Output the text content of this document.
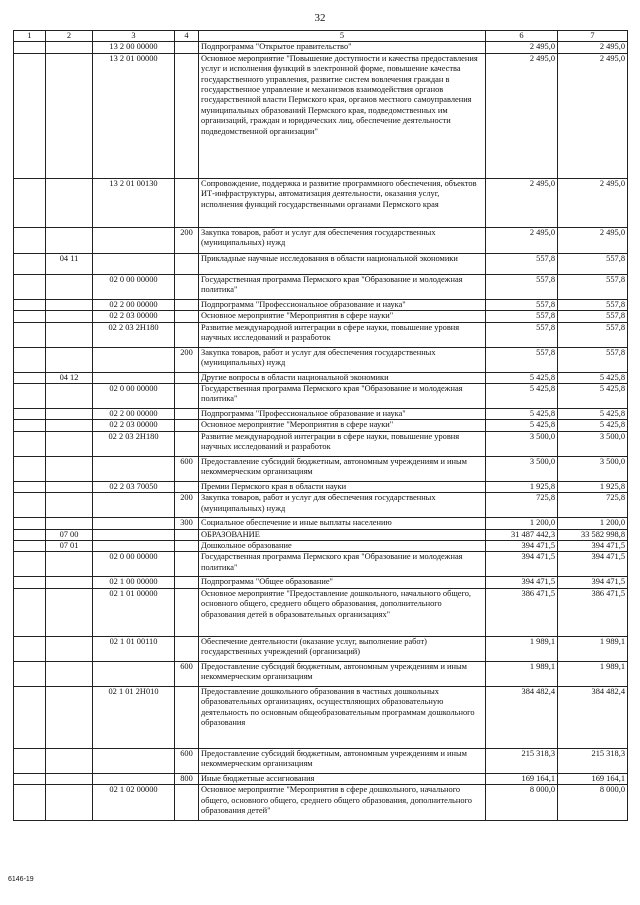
32
1	2	3	4	5	6	7
		13 2 00 00000		Подпрограмма "Открытое правительство"	2 495,0	2 495,0
		13 2 01 00000		Основное мероприятие "Повышение доступности и качества предоставления услуг и исполнения функций в электронной форме, повышение качества государственного управления, развитие систем вовлечения граждан в государственное управление и механизмов взаимодействия органов государственной власти Пермского края, органов местного самоуправления муниципальных образований Пермского края, подведомственных им организаций, граждан и юридических лиц, обеспечение деятельности подведомственной организации"	2 495,0	2 495,0
		13 2 01 00130		Сопровождение, поддержка и развитие программного обеспечения, объектов ИТ-инфраструктуры, автоматизация деятельности, оказания услуг, исполнения функций государственными органами Пермского края	2 495,0	2 495,0
			200	Закупка товаров, работ и услуг для обеспечения государственных (муниципальных) нужд	2 495,0	2 495,0
	04 11			Прикладные научные исследования в области национальной экономики	557,8	557,8
		02 0 00 00000		Государственная программа Пермского края "Образование и молодежная политика"	557,8	557,8
		02 2 00 00000		Подпрограмма "Профессиональное образование и наука"	557,8	557,8
		02 2 03 00000		Основное мероприятие "Мероприятия в сфере науки"	557,8	557,8
		02 2 03 2Н180		Развитие международной интеграции в сфере науки, повышение уровня научных исследований и разработок	557,8	557,8
			200	Закупка товаров, работ и услуг для обеспечения государственных (муниципальных) нужд	557,8	557,8
	04 12			Другие вопросы в области национальной экономики	5 425,8	5 425,8
		02 0 00 00000		Государственная программа Пермского края "Образование и молодежная политика"	5 425,8	5 425,8
		02 2 00 00000		Подпрограмма "Профессиональное образование и наука"	5 425,8	5 425,8
		02 2 03 00000		Основное мероприятие "Мероприятия в сфере науки"	5 425,8	5 425,8
		02 2 03 2Н180		Развитие международной интеграции в сфере науки, повышение уровня научных исследований и разработок	3 500,0	3 500,0
			600	Предоставление субсидий бюджетным, автономным учреждениям и иным некоммерческим организациям	3 500,0	3 500,0
		02 2 03 70050		Премии Пермского края в области науки	1 925,8	1 925,8
			200	Закупка товаров, работ и услуг для обеспечения государственных (муниципальных) нужд	725,8	725,8
			300	Социальное обеспечение и иные выплаты населению	1 200,0	1 200,0
	07 00			ОБРАЗОВАНИЕ	31 487 442,3	33 582 998,8
	07 01			Дошкольное образование	394 471,5	394 471,5
		02 0 00 00000		Государственная программа Пермского края "Образование и молодежная политика"	394 471,5	394 471,5
		02 1 00 00000		Подпрограмма "Общее образование"	394 471,5	394 471,5
		02 1 01 00000		Основное мероприятие "Предоставление дошкольного, начального общего, основного общего, среднего общего образования, дополнительного образования детей в образовательных организациях"	386 471,5	386 471,5
		02 1 01 00110		Обеспечение деятельности (оказание услуг, выполнение работ) государственных учреждений (организаций)	1 989,1	1 989,1
			600	Предоставление субсидий бюджетным, автономным учреждениям и иным некоммерческим организациям	1 989,1	1 989,1
		02 1 01 2Н010		Предоставление дошкольного образования в частных дошкольных образовательных организациях, осуществляющих образовательную деятельность по основным общеобразовательным программам дошкольного образования	384 482,4	384 482,4
			600	Предоставление субсидий бюджетным, автономным учреждениям и иным некоммерческим организациям	215 318,3	215 318,3
			800	Иные бюджетные ассигнования	169 164,1	169 164,1
		02 1 02 00000		Основное мероприятие "Мероприятия в сфере дошкольного, начального общего, основного общего, среднего общего образования, дополнительного образования детей"	8 000,0	8 000,0
6146-19
